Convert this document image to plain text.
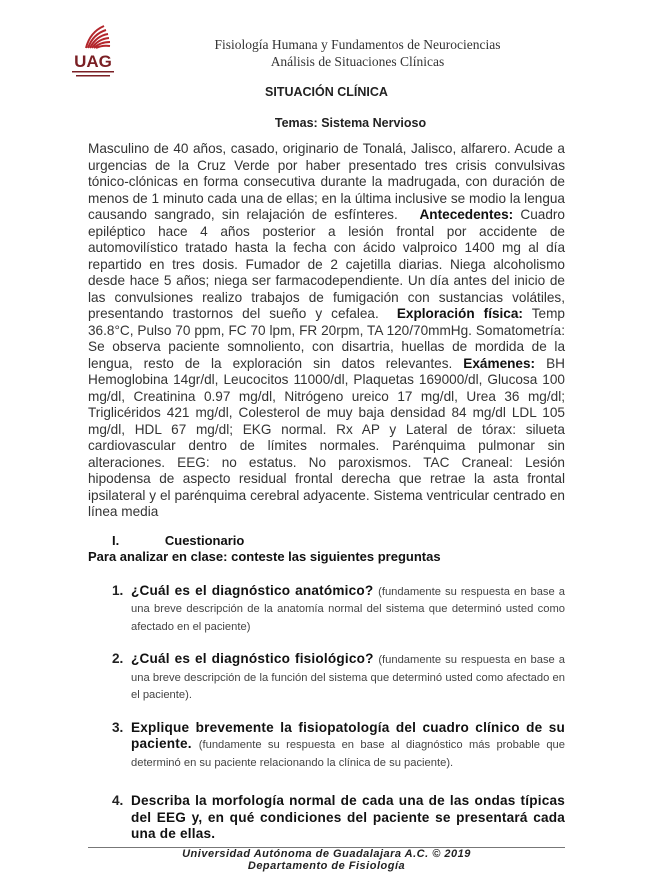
UAG
Fisiología Humana y Fundamentos de Neurociencias
Análisis de Situaciones Clínicas
SITUACIÓN CLÍNICA
Temas: Sistema Nervioso
Masculino de 40 años, casado, originario de Tonalá, Jalisco, alfarero. Acude a urgencias de la Cruz Verde por haber presentado tres crisis convulsivas tónico-clónicas en forma consecutiva durante la madrugada, con duración de menos de 1 minuto cada una de ellas; en la última inclusive se modio la lengua causando sangrado, sin relajación de esfínteres. Antecedentes: Cuadro epiléptico hace 4 años posterior a lesión frontal por accidente de automovilístico tratado hasta la fecha con ácido valproico 1400 mg al día repartido en tres dosis. Fumador de 2 cajetilla diarias. Niega alcoholismo desde hace 5 años; niega ser farmacodependiente. Un día antes del inicio de las convulsiones realizo trabajos de fumigación con sustancias volátiles, presentando trastornos del sueño y cefalea. Exploración física: Temp 36.8°C, Pulso 70 ppm, FC 70 lpm, FR 20rpm, TA 120/70mmHg. Somatometría: Se observa paciente somnoliento, con disartria, huellas de mordida de la lengua, resto de la exploración sin datos relevantes. Exámenes: BH Hemoglobina 14gr/dl, Leucocitos 11000/dl, Plaquetas 169000/dl, Glucosa 100 mg/dl, Creatinina 0.97 mg/dl, Nitrógeno ureico 17 mg/dl, Urea 36 mg/dl; Triglicéridos 421 mg/dl, Colesterol de muy baja densidad 84 mg/dl LDL 105 mg/dl, HDL 67 mg/dl; EKG normal. Rx AP y Lateral de tórax: silueta cardiovascular dentro de límites normales. Parénquima pulmonar sin alteraciones. EEG: no estatus. No paroxismos. TAC Craneal: Lesión hipodensa de aspecto residual frontal derecha que retrae la asta frontal ipsilateral y el parénquima cerebral adyacente. Sistema ventricular centrado en línea media
I.	Cuestionario
Para analizar en clase: conteste las siguientes preguntas
1. ¿Cuál es el diagnóstico anatómico? (fundamente su respuesta en base a una breve descripción de la anatomía normal del sistema que determinó usted como afectado en el paciente)
2. ¿Cuál es el diagnóstico fisiológico? (fundamente su respuesta en base a una breve descripción de la función del sistema que determinó usted como afectado en el paciente).
3. Explique brevemente la fisiopatología del cuadro clínico de su paciente. (fundamente su respuesta en base al diagnóstico más probable que determinó en su paciente relacionando la clínica de su paciente).
4. Describa la morfología normal de cada una de las ondas típicas del EEG y, en qué condiciones del paciente se presentará cada una de ellas.
Universidad Autónoma de Guadalajara A.C. © 2019
Departamento de Fisiología
